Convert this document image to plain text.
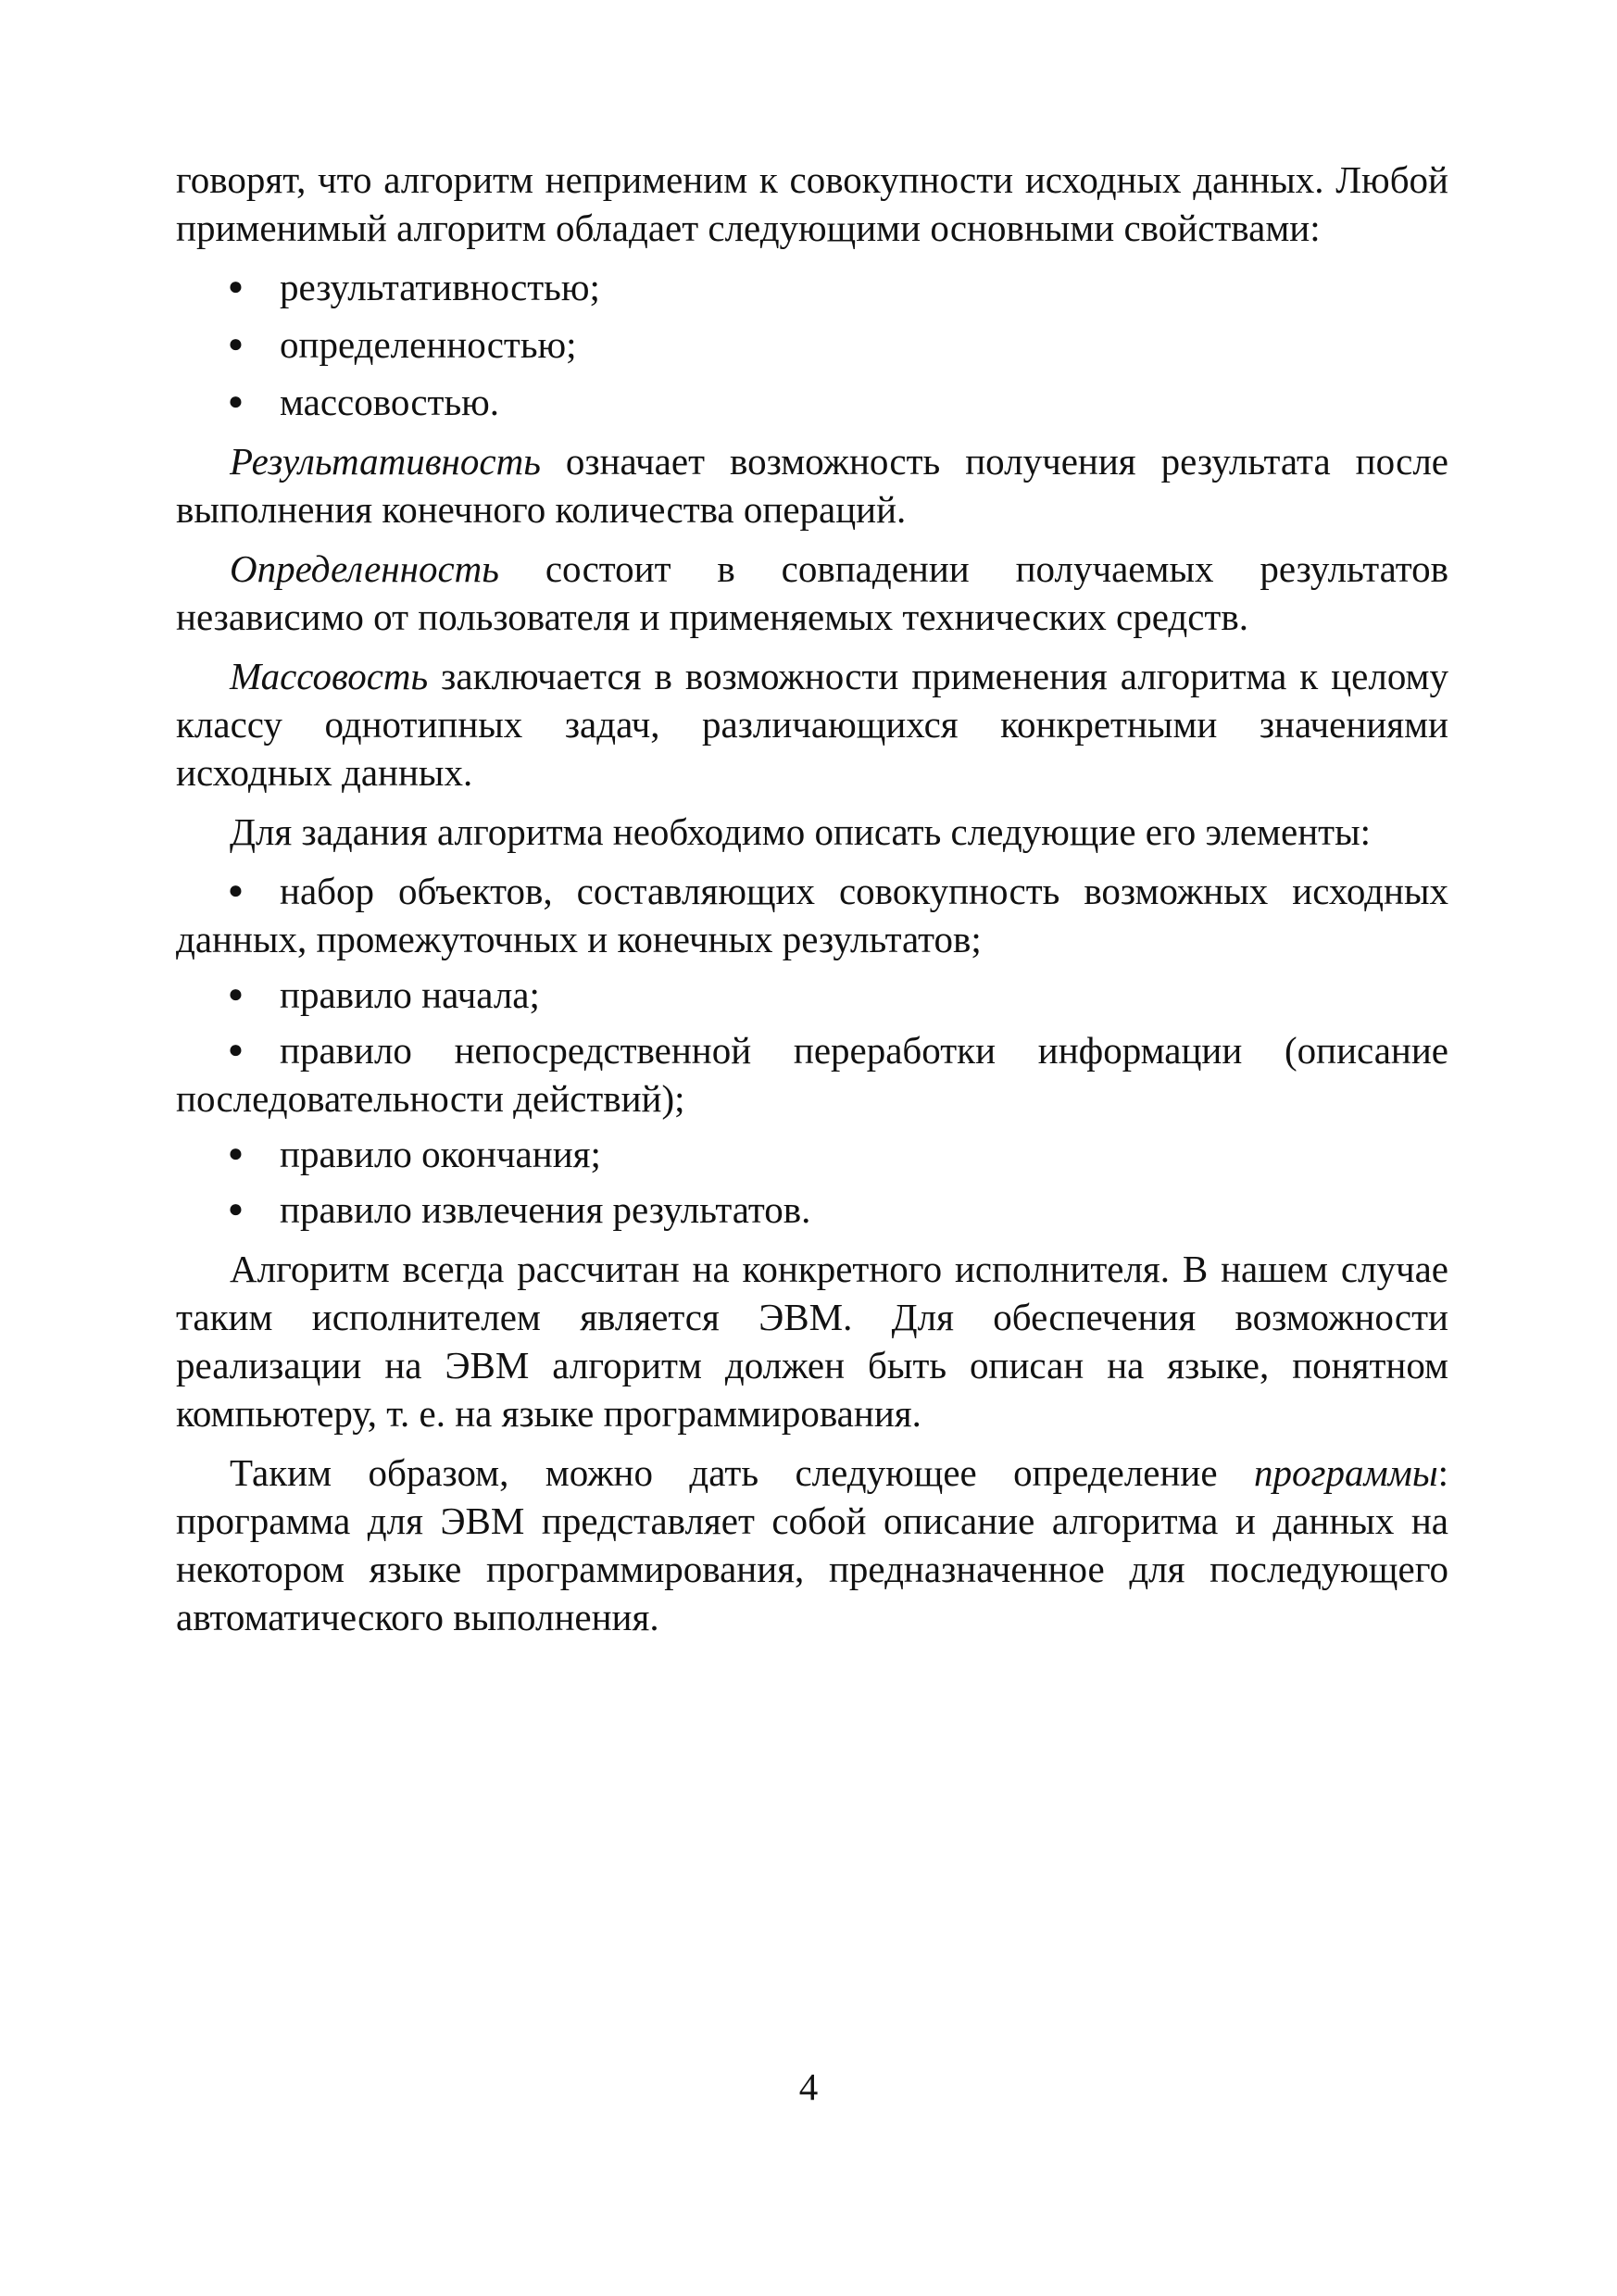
говорят, что алгоритм неприменим к совокупности исходных данных. Любой применимый алгоритм обладает следующими основными свойствами:

● результативностью;
● определенностью;
● массовостью.

Результативность означает возможность получения результата после выполнения конечного количества операций.

Определенность состоит в совпадении получаемых результатов независимо от пользователя и применяемых технических средств.

Массовость заключается в возможности применения алгоритма к целому классу однотипных задач, различающихся конкретными значениями исходных данных.

Для задания алгоритма необходимо описать следующие его элементы:

● набор объектов, составляющих совокупность возможных исходных данных, промежуточных и конечных результатов;
● правило начала;
● правило непосредственной переработки информации (описание последовательности действий);
● правило окончания;
● правило извлечения результатов.

Алгоритм всегда рассчитан на конкретного исполнителя. В нашем случае таким исполнителем является ЭВМ. Для обеспечения возможности реализации на ЭВМ алгоритм должен быть описан на языке, понятном компьютеру, т. е. на языке программирования.

Таким образом, можно дать следующее определение программы: программа для ЭВМ представляет собой описание алгоритма и данных на некотором языке программирования, предназначенное для последующего автоматического выполнения.

4
